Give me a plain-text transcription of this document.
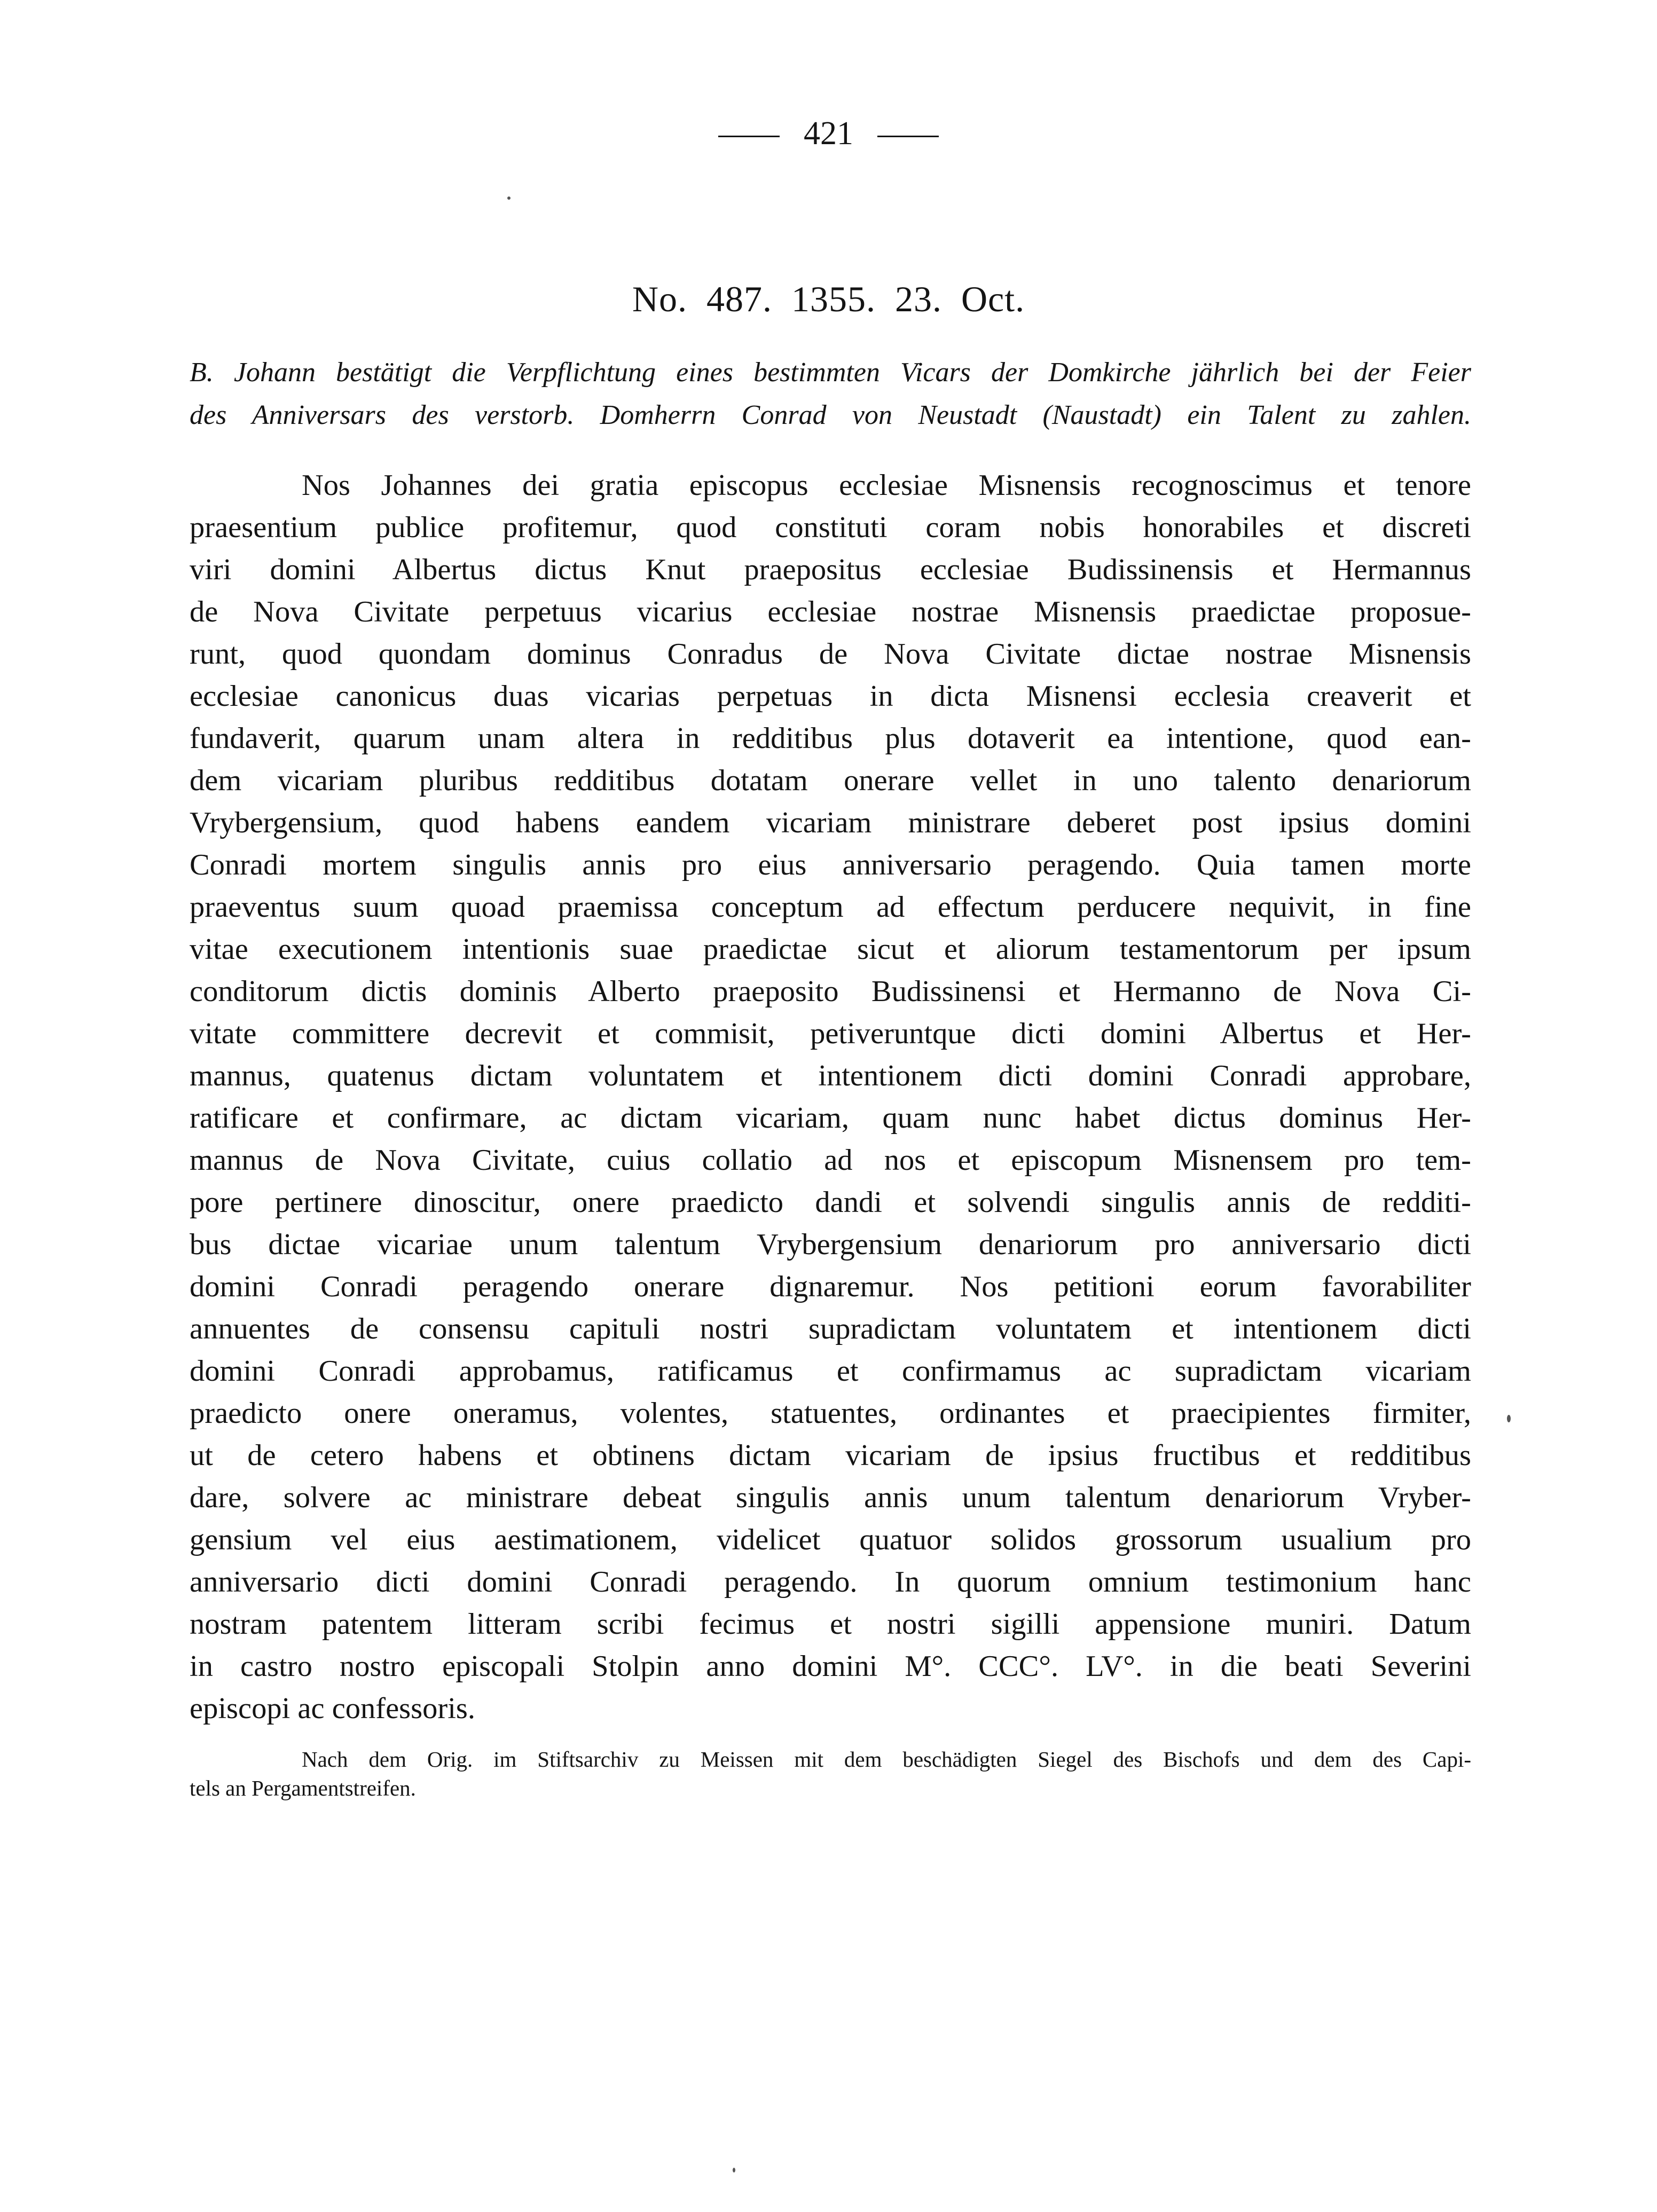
421
No. 487. 1355. 23. Oct.
B. Johann bestätigt die Verpflichtung eines bestimmten Vicars der Domkirche jährlich bei der Feier
des Anniversars des verstorb. Domherrn Conrad von Neustadt (Naustadt) ein Talent zu zahlen.
Nos Johannes dei gratia episcopus ecclesiae Misnensis recognoscimus et tenore
praesentium publice profitemur, quod constituti coram nobis honorabiles et discreti
viri domini Albertus dictus Knut praepositus ecclesiae Budissinensis et Hermannus
de Nova Civitate perpetuus vicarius ecclesiae nostrae Misnensis praedictae proposue-
runt, quod quondam dominus Conradus de Nova Civitate dictae nostrae Misnensis
ecclesiae canonicus duas vicarias perpetuas in dicta Misnensi ecclesia creaverit et
fundaverit, quarum unam altera in redditibus plus dotaverit ea intentione, quod ean-
dem vicariam pluribus redditibus dotatam onerare vellet in uno talento denariorum
Vrybergensium, quod habens eandem vicariam ministrare deberet post ipsius domini
Conradi mortem singulis annis pro eius anniversario peragendo. Quia tamen morte
praeventus suum quoad praemissa conceptum ad effectum perducere nequivit, in fine
vitae executionem intentionis suae praedictae sicut et aliorum testamentorum per ipsum
conditorum dictis dominis Alberto praeposito Budissinensi et Hermanno de Nova Ci-
vitate committere decrevit et commisit, petiveruntque dicti domini Albertus et Her-
mannus, quatenus dictam voluntatem et intentionem dicti domini Conradi approbare,
ratificare et confirmare, ac dictam vicariam, quam nunc habet dictus dominus Her-
mannus de Nova Civitate, cuius collatio ad nos et episcopum Misnensem pro tem-
pore pertinere dinoscitur, onere praedicto dandi et solvendi singulis annis de redditi-
bus dictae vicariae unum talentum Vrybergensium denariorum pro anniversario dicti
domini Conradi peragendo onerare dignaremur. Nos petitioni eorum favorabiliter
annuentes de consensu capituli nostri supradictam voluntatem et intentionem dicti
domini Conradi approbamus, ratificamus et confirmamus ac supradictam vicariam
praedicto onere oneramus, volentes, statuentes, ordinantes et praecipientes firmiter,
ut de cetero habens et obtinens dictam vicariam de ipsius fructibus et redditibus
dare, solvere ac ministrare debeat singulis annis unum talentum denariorum Vryber-
gensium vel eius aestimationem, videlicet quatuor solidos grossorum usualium pro
anniversario dicti domini Conradi peragendo. In quorum omnium testimonium hanc
nostram patentem litteram scribi fecimus et nostri sigilli appensione muniri. Datum
in castro nostro episcopali Stolpin anno domini M°. CCC°. LV°. in die beati Severini
episcopi ac confessoris.
Nach dem Orig. im Stiftsarchiv zu Meissen mit dem beschädigten Siegel des Bischofs und dem des Capi-
tels an Pergamentstreifen.
